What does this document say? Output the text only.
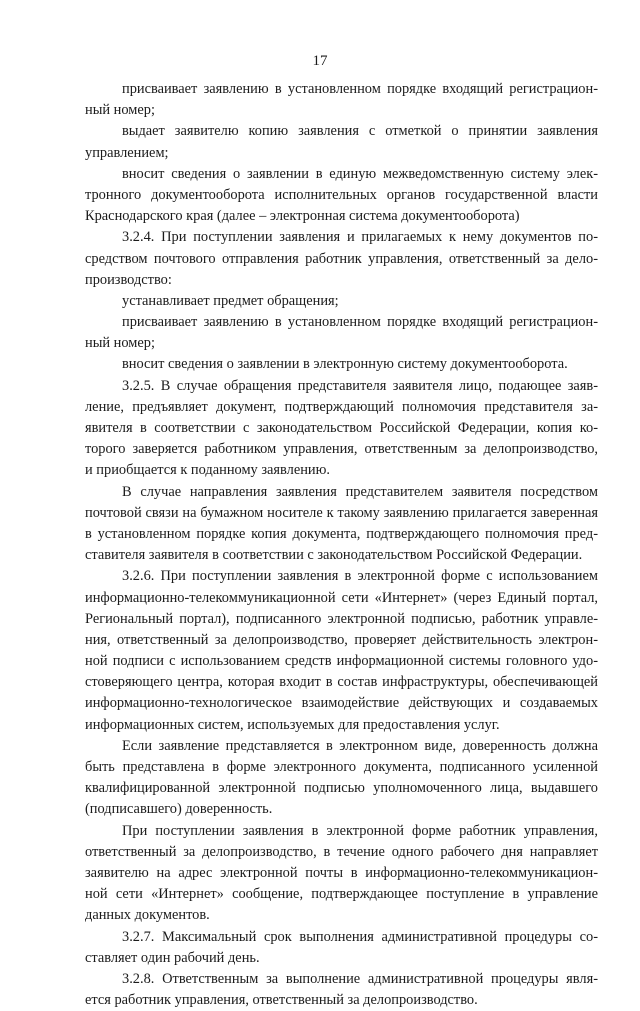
17
присваивает заявлению в установленном порядке входящий регистрацион-
ный номер;
выдает заявителю копию заявления с отметкой о принятии заявления
управлением;
вносит сведения о заявлении в единую межведомственную систему элек-
тронного документооборота исполнительных органов государственной власти
Краснодарского края (далее – электронная система документооборота)
3.2.4. При поступлении заявления и прилагаемых к нему документов по-
средством почтового отправления работник управления, ответственный за дело-
производство:
устанавливает предмет обращения;
присваивает заявлению в установленном порядке входящий регистрацион-
ный номер;
вносит сведения о заявлении в электронную систему документооборота.
3.2.5. В случае обращения представителя заявителя лицо, подающее заяв-
ление, предъявляет документ, подтверждающий полномочия представителя за-
явителя в соответствии с законодательством Российской Федерации, копия ко-
торого заверяется работником управления, ответственным за делопроизводство,
и приобщается к поданному заявлению.
В случае направления заявления представителем заявителя посредством
почтовой связи на бумажном носителе к такому заявлению прилагается заверенная
в установленном порядке копия документа, подтверждающего полномочия пред-
ставителя заявителя в соответствии с законодательством Российской Федерации.
3.2.6. При поступлении заявления в электронной форме с использованием
информационно-телекоммуникационной сети «Интернет» (через Единый портал,
Региональный портал), подписанного электронной подписью, работник управле-
ния, ответственный за делопроизводство, проверяет действительность электрон-
ной подписи с использованием средств информационной системы головного удо-
стоверяющего центра, которая входит в состав инфраструктуры, обеспечивающей
информационно-технологическое взаимодействие действующих и создаваемых
информационных систем, используемых для предоставления услуг.
Если заявление представляется в электронном виде, доверенность должна
быть представлена в форме электронного документа, подписанного усиленной
квалифицированной электронной подписью уполномоченного лица, выдавшего
(подписавшего) доверенность.
При поступлении заявления в электронной форме работник управления,
ответственный за делопроизводство, в течение одного рабочего дня направляет
заявителю на адрес электронной почты в информационно-телекоммуникацион-
ной сети «Интернет» сообщение, подтверждающее поступление в управление
данных документов.
3.2.7. Максимальный срок выполнения административной процедуры со-
ставляет один рабочий день.
3.2.8. Ответственным за выполнение административной процедуры явля-
ется работник управления, ответственный за делопроизводство.
